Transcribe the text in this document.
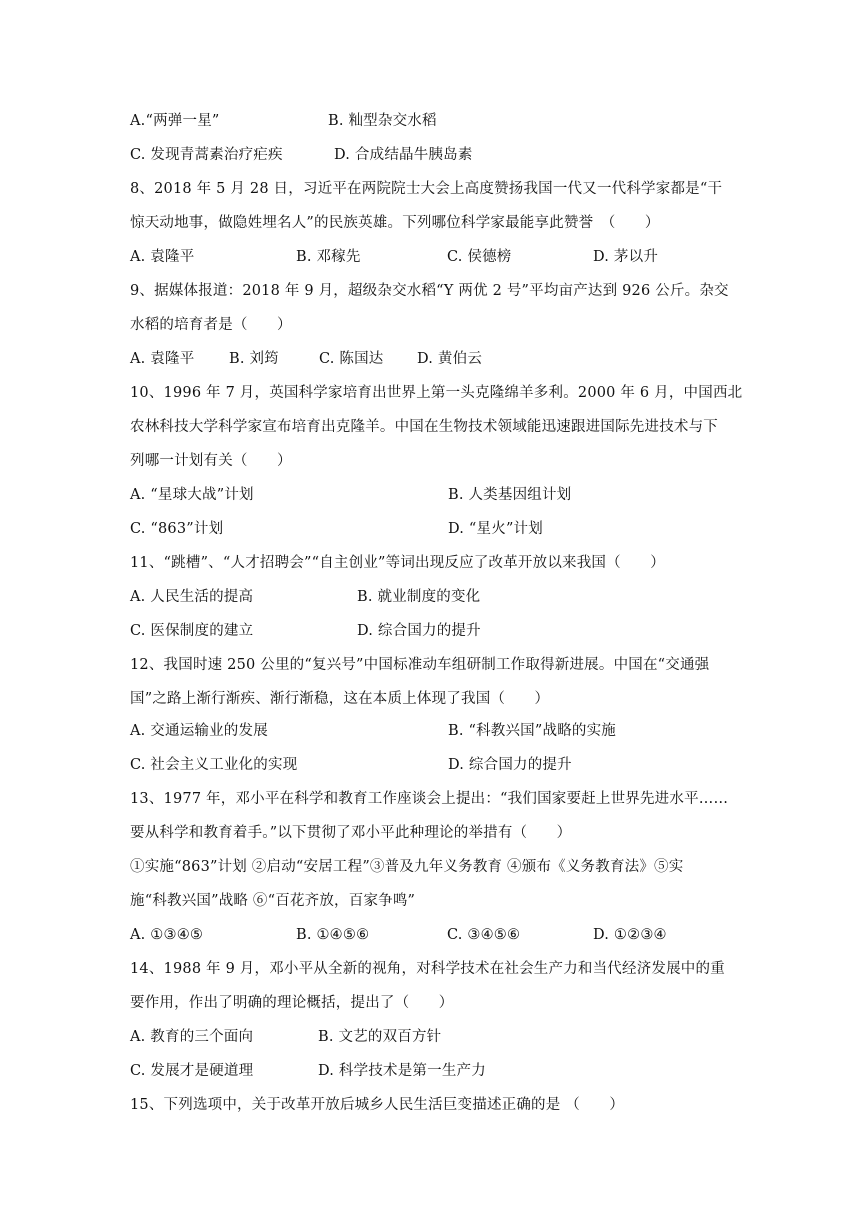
A.“两弹一星”	B. 籼型杂交水稻
C. 发现青蒿素治疗疟疾	D. 合成结晶牛胰岛素
8、2018 年 5 月 28 日，习近平在两院院士大会上高度赞扬我国一代又一代科学家都是“干
惊天动地事，做隐姓埋名人”的民族英雄。下列哪位科学家最能享此赞誉　（　　）
A. 袁隆平	B. 邓稼先	C. 侯德榜	D. 茅以升
9、据媒体报道：2018 年 9 月，超级杂交水稻“Y 两优 2 号”平均亩产达到 926 公斤。杂交
水稻的培育者是（　　）
A. 袁隆平 B. 刘筠	C. 陈国达 D. 黄伯云
10、1996 年 7 月，英国科学家培育出世界上第一头克隆绵羊多利。2000 年 6 月，中国西北
农林科技大学科学家宣布培育出克隆羊。中国在生物技术领域能迅速跟进国际先进技术与下
列哪一计划有关（　　）
A. “星球大战”计划	B. 人类基因组计划
C. “863”计划	D. “星火”计划
11、“跳槽”、“人才招聘会”“自主创业”等词出现反应了改革开放以来我国（　　）
A. 人民生活的提高	B. 就业制度的变化
C. 医保制度的建立	D. 综合国力的提升
12、我国时速 250 公里的“复兴号”中国标准动车组研制工作取得新进展。中国在“交通强
国”之路上渐行渐疾、渐行渐稳，这在本质上体现了我国（　　）
A. 交通运输业的发展	B. “科教兴国”战略的实施
C. 社会主义工业化的实现	D. 综合国力的提升
13、1977 年，邓小平在科学和教育工作座谈会上提出：“我们国家要赶上世界先进水平……
要从科学和教育着手。”以下贯彻了邓小平此种理论的举措有（　　）
①实施“863”计划 ②启动“安居工程”③普及九年义务教育 ④颁布《义务教育法》⑤实
施“科教兴国”战略 ⑥“百花齐放，百家争鸣”
A. ①③④⑤	B. ①④⑤⑥	C. ③④⑤⑥	D. ①②③④
14、1988 年 9 月，邓小平从全新的视角，对科学技术在社会生产力和当代经济发展中的重
要作用，作出了明确的理论概括，提出了（　　）
A. 教育的三个面向	B. 文艺的双百方针
C. 发展才是硬道理	D. 科学技术是第一生产力
15、下列选项中，关于改革开放后城乡人民生活巨变描述正确的是 （　　）
